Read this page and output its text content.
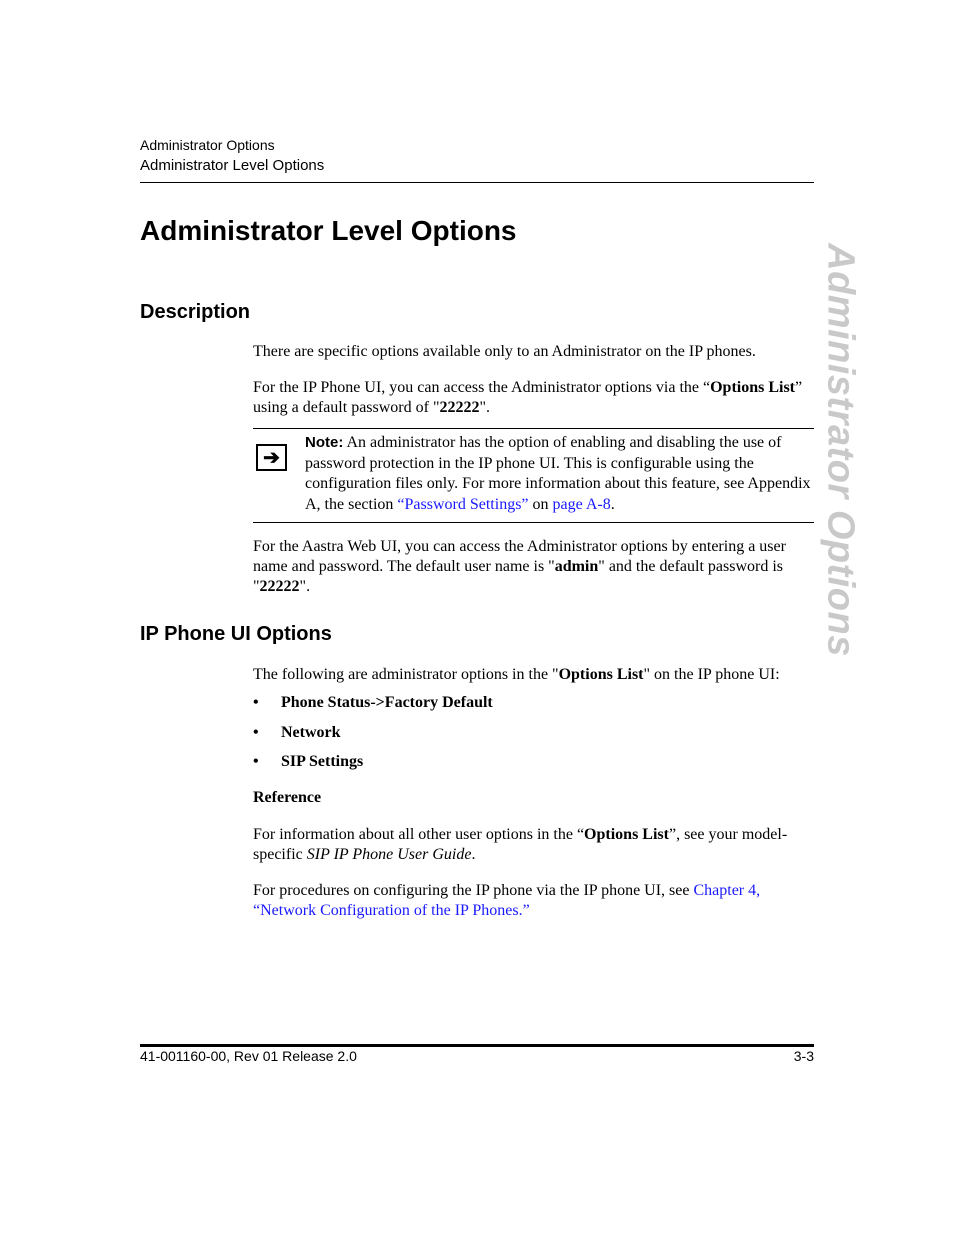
Administrator Options
Administrator Level Options
Administrator Level Options
Description
There are specific options available only to an Administrator on the IP phones.
For the IP Phone UI, you can access the Administrator options via the “Options List” using a default password of "22222".
➔
Note: An administrator has the option of enabling and disabling the use of password protection in the IP phone UI. This is configurable using the configuration files only. For more information about this feature, see Appendix A, the section “Password Settings” on page A-8.
For the Aastra Web UI, you can access the Administrator options by entering a user name and password. The default user name is "admin" and the default password is "22222".
IP Phone UI Options
The following are administrator options in the "Options List" on the IP phone UI:
• Phone Status->Factory Default
• Network
• SIP Settings
Reference
For information about all other user options in the “Options List”, see your model-specific SIP IP Phone User Guide.
For procedures on configuring the IP phone via the IP phone UI, see Chapter 4, “Network Configuration of the IP Phones.”
Administrator Options
41-001160-00, Rev 01 Release 2.0	3-3
